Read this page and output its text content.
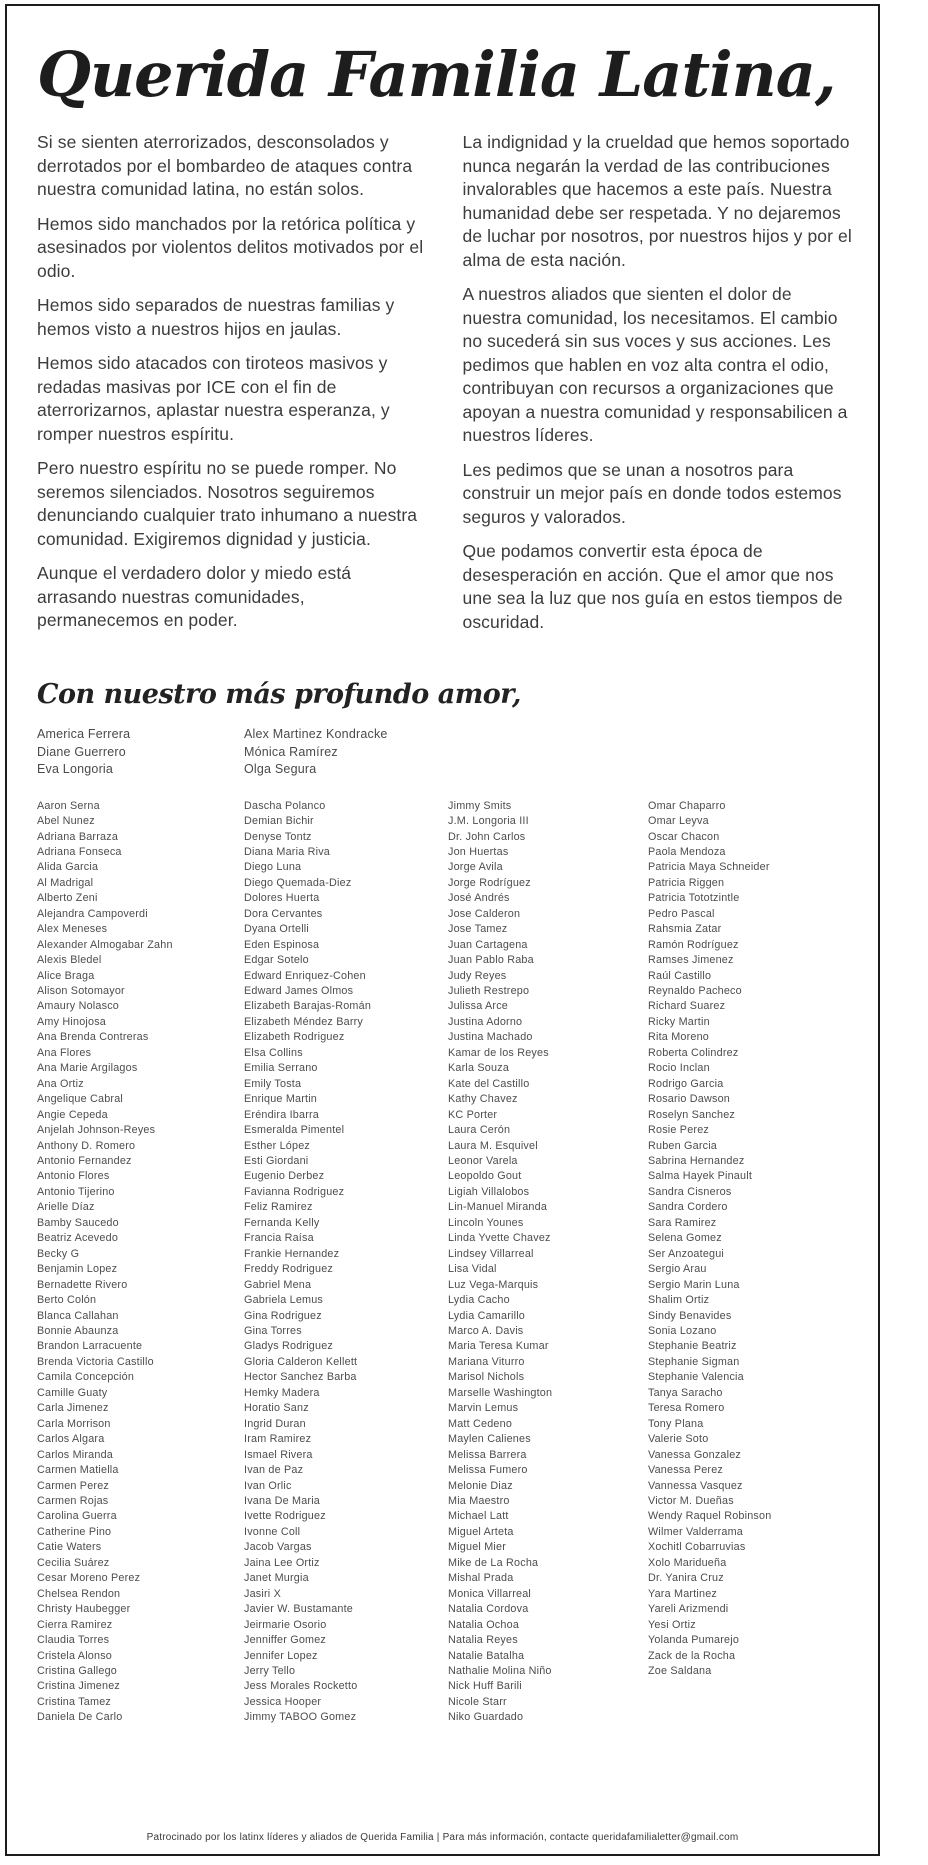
Querida Familia Latina,

Si se sienten aterrorizados, desconsolados y derrotados por el bombardeo de ataques contra nuestra comunidad latina, no están solos.

Hemos sido manchados por la retórica política y asesinados por violentos delitos motivados por el odio.

Hemos sido separados de nuestras familias y hemos visto a nuestros hijos en jaulas.

Hemos sido atacados con tiroteos masivos y redadas masivas por ICE con el fin de aterrorizarnos, aplastar nuestra esperanza, y romper nuestros espíritu.

Pero nuestro espíritu no se puede romper. No seremos silenciados. Nosotros seguiremos denunciando cualquier trato inhumano a nuestra comunidad. Exigiremos dignidad y justicia.

Aunque el verdadero dolor y miedo está arrasando nuestras comunidades, permanecemos en poder.

La indignidad y la crueldad que hemos soportado nunca negarán la verdad de las contribuciones invalorables que hacemos a este país. Nuestra humanidad debe ser respetada. Y no dejaremos de luchar por nosotros, por nuestros hijos y por el alma de esta nación.

A nuestros aliados que sienten el dolor de nuestra comunidad, los necesitamos. El cambio no sucederá sin sus voces y sus acciones. Les pedimos que hablen en voz alta contra el odio, contribuyan con recursos a organizaciones que apoyan a nuestra comunidad y responsabilicen a nuestros líderes.

Les pedimos que se unan a nosotros para construir un mejor país en donde todos estemos seguros y valorados.

Que podamos convertir esta época de desesperación en acción. Que el amor que nos une sea la luz que nos guía en estos tiempos de oscuridad.

Con nuestro más profundo amor,
America Ferrera
Diane Guerrero
Eva Longoria
Alex Martinez Kondracke
Mónica Ramírez
Olga Segura
Aaron Serna
Abel Nunez
Adriana Barraza
Adriana Fonseca
Alida Garcia
Al Madrigal
Alberto Zeni
Alejandra Campoverdi
Alex Meneses
Alexander Almogabar Zahn
Alexis Bledel
Alice Braga
Alison Sotomayor
Amaury Nolasco
Amy Hinojosa
Ana Brenda Contreras
Ana Flores
Ana Marie Argilagos
Ana Ortiz
Angelique Cabral
Angie Cepeda
Anjelah Johnson-Reyes
Anthony D. Romero
Antonio Fernandez
Antonio Flores
Antonio Tijerino
Arielle Díaz
Bamby Saucedo
Beatriz Acevedo
Becky G
Benjamin Lopez
Bernadette Rivero
Berto Colón
Blanca Callahan
Bonnie Abaunza
Brandon Larracuente
Brenda Victoria Castillo
Camila Concepción
Camille Guaty
Carla Jimenez
Carla Morrison
Carlos Algara
Carlos Miranda
Carmen Matiella
Carmen Perez
Carmen Rojas
Carolina Guerra
Catherine Pino
Catie Waters
Cecilia Suárez
Cesar Moreno Perez
Chelsea Rendon
Christy Haubegger
Cierra Ramirez
Claudia Torres
Cristela Alonso
Cristina Gallego
Cristina Jimenez
Cristina Tamez
Daniela De Carlo
Dascha Polanco
Demian Bichir
Denyse Tontz
Diana Maria Riva
Diego Luna
Diego Quemada-Diez
Dolores Huerta
Dora Cervantes
Dyana Ortelli
Eden Espinosa
Edgar Sotelo
Edward Enriquez-Cohen
Edward James Olmos
Elizabeth Barajas-Román
Elizabeth Méndez Barry
Elizabeth Rodriguez
Elsa Collins
Emilia Serrano
Emily Tosta
Enrique Martin
Eréndira Ibarra
Esmeralda Pimentel
Esther López
Esti Giordani
Eugenio Derbez
Favianna Rodriguez
Feliz Ramirez
Fernanda Kelly
Francia Raísa
Frankie Hernandez
Freddy Rodriguez
Gabriel Mena
Gabriela Lemus
Gina Rodriguez
Gina Torres
Gladys Rodriguez
Gloria Calderon Kellett
Hector Sanchez Barba
Hemky Madera
Horatio Sanz
Ingrid Duran
Iram Ramirez
Ismael Rivera
Ivan de Paz
Ivan Orlic
Ivana De Maria
Ivette Rodriguez
Ivonne Coll
Jacob Vargas
Jaina Lee Ortiz
Janet Murgia
Jasiri X
Javier W. Bustamante
Jeirmarie Osorio
Jenniffer Gomez
Jennifer Lopez
Jerry Tello
Jess Morales Rocketto
Jessica Hooper
Jimmy TABOO Gomez
Jimmy Smits
J.M. Longoria III
Dr. John Carlos
Jon Huertas
Jorge Avila
Jorge Rodríguez
José Andrés
Jose Calderon
Jose Tamez
Juan Cartagena
Juan Pablo Raba
Judy Reyes
Julieth Restrepo
Julissa Arce
Justina Adorno
Justina Machado
Kamar de los Reyes
Karla Souza
Kate del Castillo
Kathy Chavez
KC Porter
Laura Cerón
Laura M. Esquivel
Leonor Varela
Leopoldo Gout
Ligiah Villalobos
Lin-Manuel Miranda
Lincoln Younes
Linda Yvette Chavez
Lindsey Villarreal
Lisa Vidal
Luz Vega-Marquis
Lydia Cacho
Lydia Camarillo
Marco A. Davis
Maria Teresa Kumar
Mariana Viturro
Marisol Nichols
Marselle Washington
Marvin Lemus
Matt Cedeno
Maylen Calienes
Melissa Barrera
Melissa Fumero
Melonie Diaz
Mia Maestro
Michael Latt
Miguel Arteta
Miguel Mier
Mike de La Rocha
Mishal Prada
Monica Villarreal
Natalia Cordova
Natalia Ochoa
Natalia Reyes
Natalie Batalha
Nathalie Molina Niño
Nick Huff Barili
Nicole Starr
Niko Guardado
Omar Chaparro
Omar Leyva
Oscar Chacon
Paola Mendoza
Patricia Maya Schneider
Patricia Riggen
Patricia Tototzintle
Pedro Pascal
Rahsmia Zatar
Ramón Rodríguez
Ramses Jimenez
Raúl Castillo
Reynaldo Pacheco
Richard Suarez
Ricky Martin
Rita Moreno
Roberta Colindrez
Rocio Inclan
Rodrigo Garcia
Rosario Dawson
Roselyn Sanchez
Rosie Perez
Ruben Garcia
Sabrina Hernandez
Salma Hayek Pinault
Sandra Cisneros
Sandra Cordero
Sara Ramirez
Selena Gomez
Ser Anzoategui
Sergio Arau
Sergio Marin Luna
Shalim Ortiz
Sindy Benavides
Sonia Lozano
Stephanie Beatriz
Stephanie Sigman
Stephanie Valencia
Tanya Saracho
Teresa Romero
Tony Plana
Valerie Soto
Vanessa Gonzalez
Vanessa Perez
Vannessa Vasquez
Victor M. Dueñas
Wendy Raquel Robinson
Wilmer Valderrama
Xochitl Cobarruvias
Xolo Maridueña
Dr. Yanira Cruz
Yara Martinez
Yareli Arizmendi
Yesi Ortiz
Yolanda Pumarejo
Zack de la Rocha
Zoe Saldana
Patrocinado por los latinx líderes y aliados de Querida Familia | Para más información, contacte queridafamilialetter@gmail.com
